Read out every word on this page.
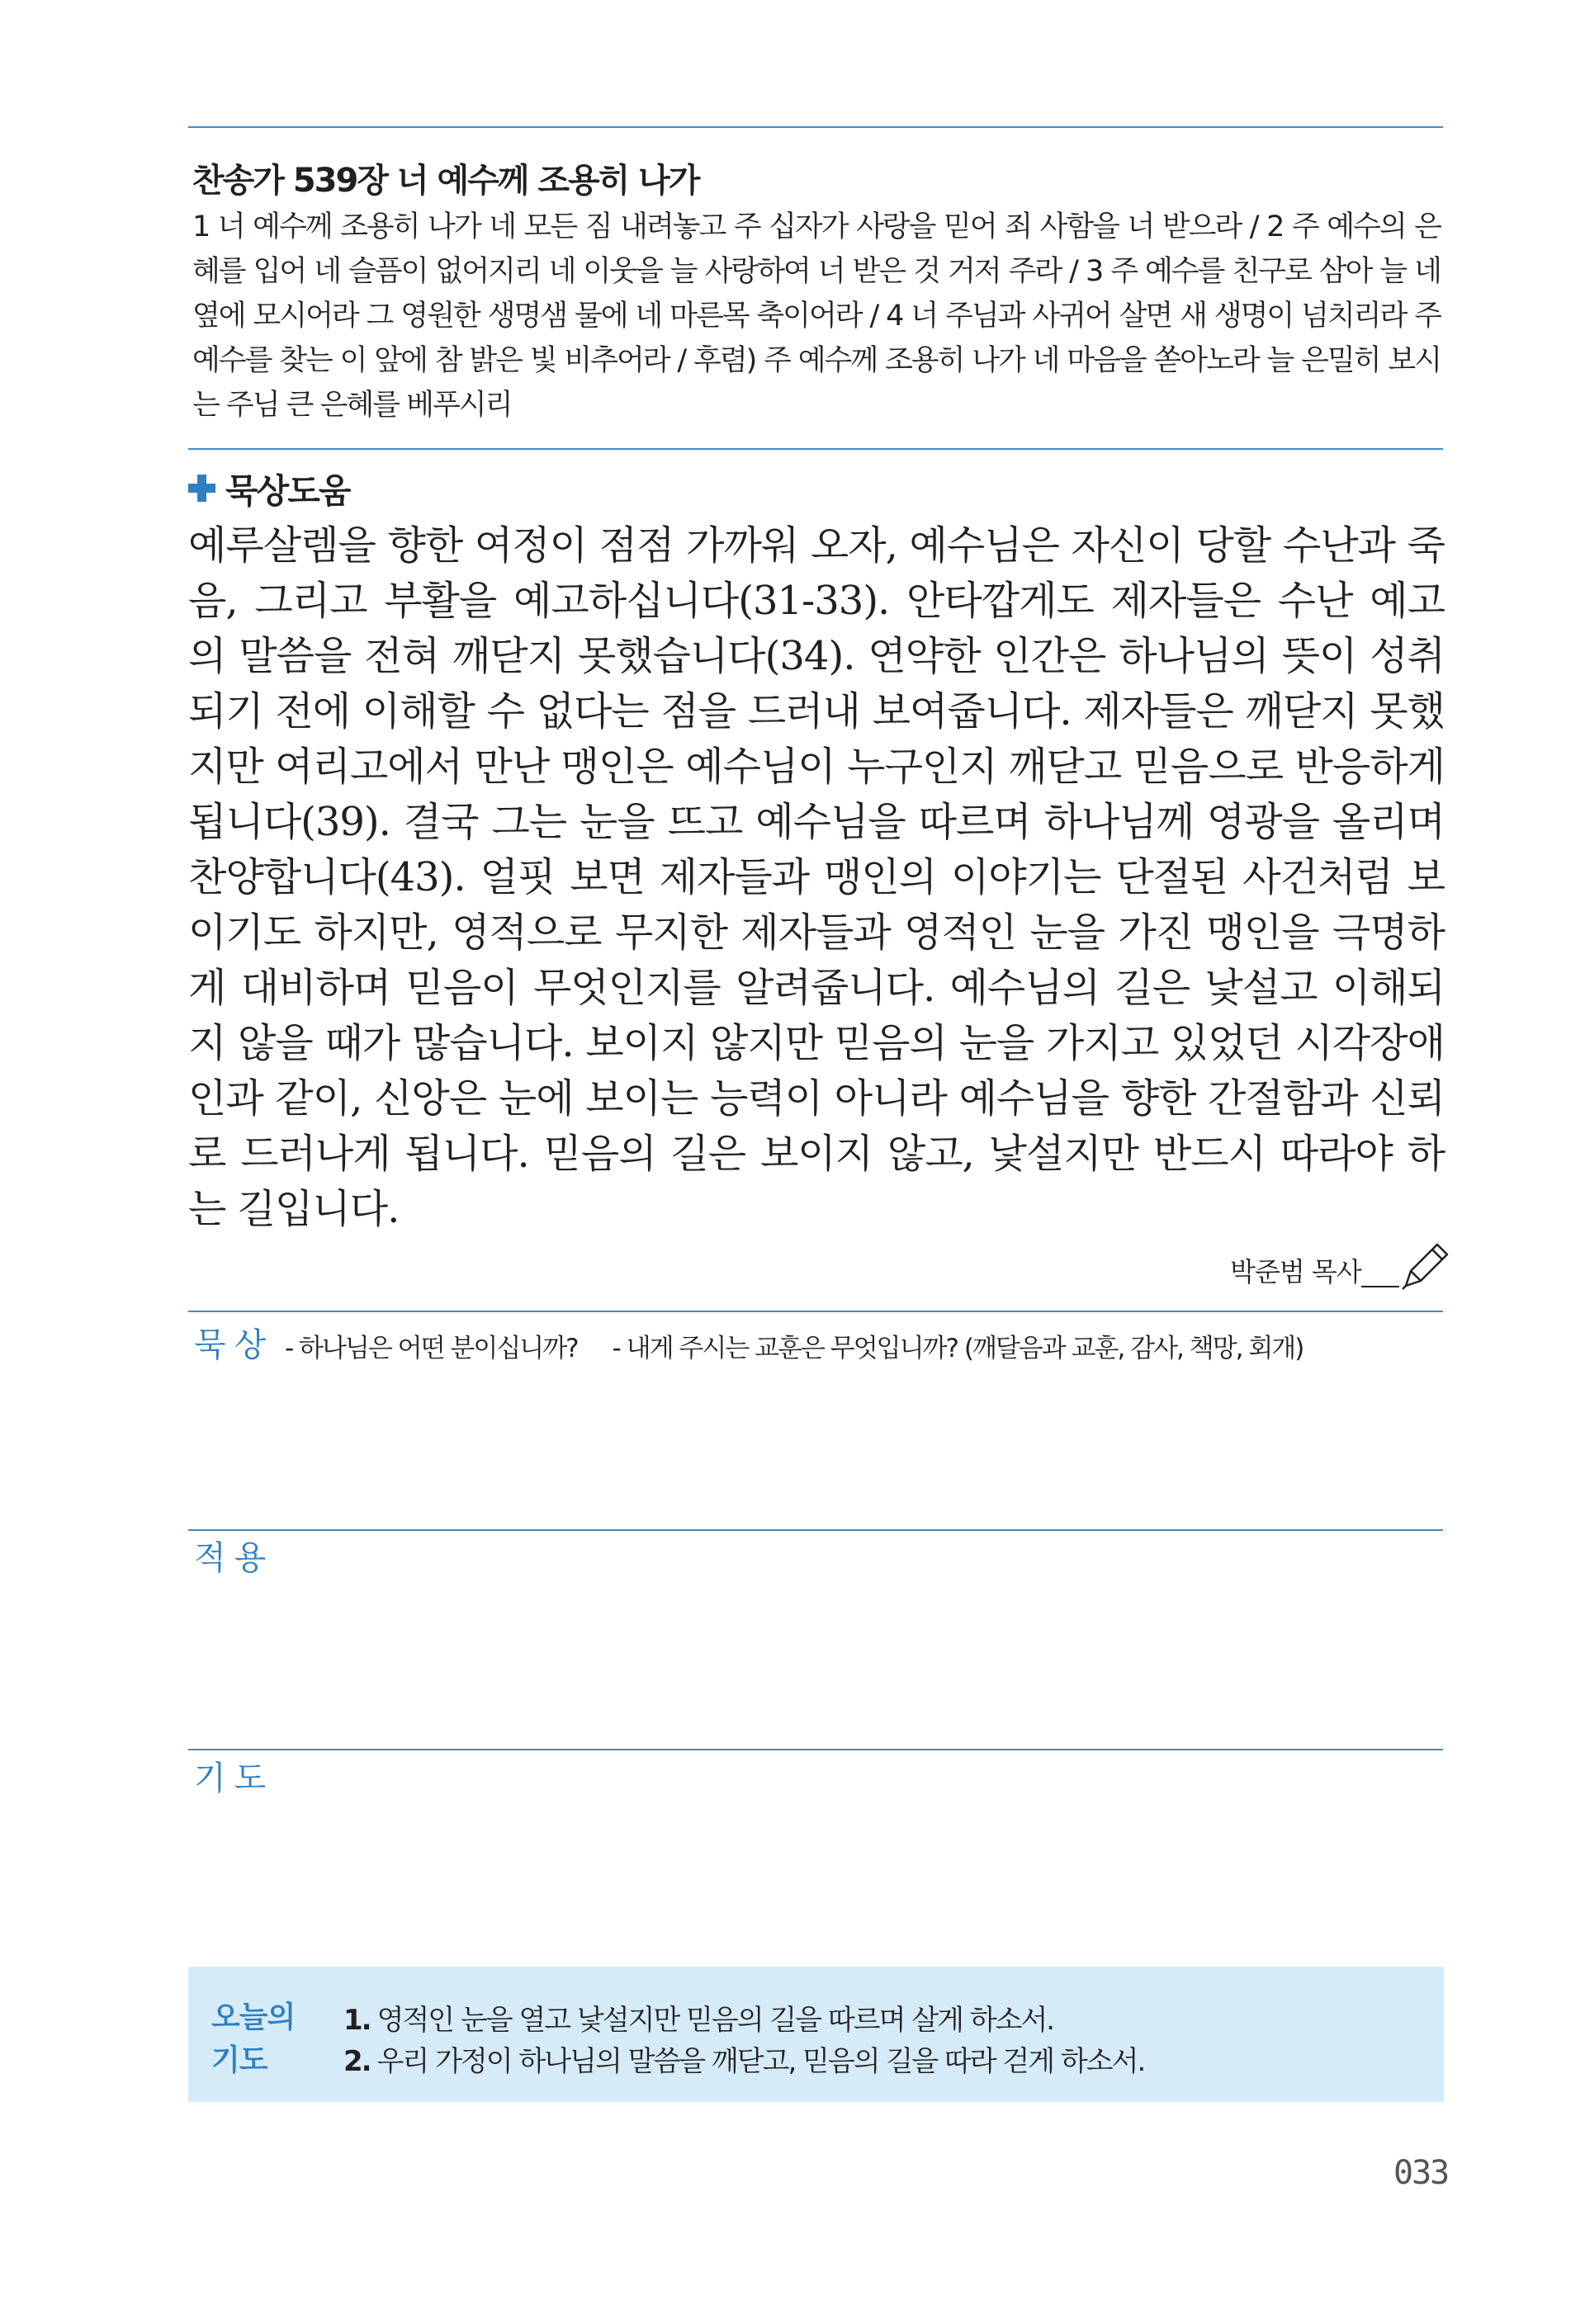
찬송가 539장 너 예수께 조용히 나가

1 너 예수께 조용히 나가 네 모든 짐 내려놓고 주 십자가 사랑을 믿어 죄 사함을 너 받으라 / 2 주 예수의 은혜를 입어 네 슬픔이 없어지리 네 이웃을 늘 사랑하여 너 받은 것 거저 주라 / 3 주 예수를 친구로 삼아 늘 네 옆에 모시어라 그 영원한 생명샘 물에 네 마른목 축이어라 / 4 너 주님과 사귀어 살면 새 생명이 넘치리라 주 예수를 찾는 이 앞에 참 밝은 빛 비추어라 / 후렴) 주 예수께 조용히 나가 네 마음을 쏟아노라 늘 은밀히 보시는 주님 큰 은혜를 베푸시리

묵상도움

예루살렘을 향한 여정이 점점 가까워 오자, 예수님은 자신이 당할 수난과 죽음, 그리고 부활을 예고하십니다(31-33). 안타깝게도 제자들은 수난 예고의 말씀을 전혀 깨닫지 못했습니다(34). 연약한 인간은 하나님의 뜻이 성취되기 전에 이해할 수 없다는 점을 드러내 보여줍니다. 제자들은 깨닫지 못했지만 여리고에서 만난 맹인은 예수님이 누구인지 깨닫고 믿음으로 반응하게 됩니다(39). 결국 그는 눈을 뜨고 예수님을 따르며 하나님께 영광을 올리며 찬양합니다(43). 얼핏 보면 제자들과 맹인의 이야기는 단절된 사건처럼 보이기도 하지만, 영적으로 무지한 제자들과 영적인 눈을 가진 맹인을 극명하게 대비하며 믿음이 무엇인지를 알려줍니다. 예수님의 길은 낯설고 이해되지 않을 때가 많습니다. 보이지 않지만 믿음의 눈을 가지고 있었던 시각장애인과 같이, 신앙은 눈에 보이는 능력이 아니라 예수님을 향한 간절함과 신뢰로 드러나게 됩니다. 믿음의 길은 보이지 않고, 낯설지만 반드시 따라야 하는 길입니다.

박준범 목사
묵상 - 하나님은 어떤 분이십니까? - 내게 주시는 교훈은 무엇입니까? (깨달음과 교훈, 감사, 책망, 회개)
적용
기도
오늘의
기도
1. 영적인 눈을 열고 낯설지만 믿음의 길을 따르며 살게 하소서.
2. 우리 가정이 하나님의 말씀을 깨닫고, 믿음의 길을 따라 걷게 하소서.
033
